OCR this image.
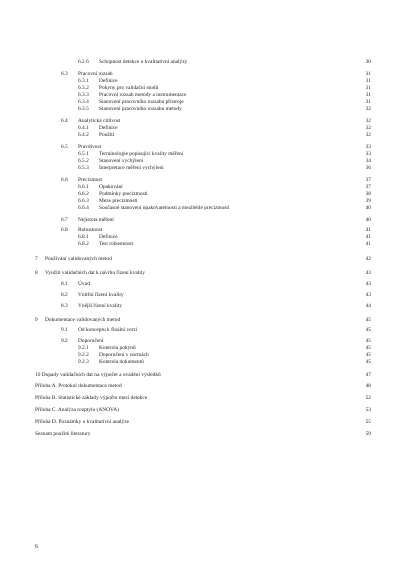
6.2.6 Schopnost detekce u kvalitativní analýzy	30
6.3 Pracovní rozsah	31
6.3.1 Definice	31
6.3.2 Pokyny pro validační studii	31
6.3.3 Pracovní rozsah metody a instrumentace	31
6.3.4 Stanovení pracovního rozsahu přístroje	31
6.3.5 Stanovení pracovního rozsahu metody	32
6.4 Analytická citlivost	32
6.4.1 Definice	32
6.4.2 Použití	32
6.5 Pravdivost	33
6.5.1 Terminologie popisující kvality měření	33
6.5.2 Stanovení vychýlení	34
6.5.3 Interpretace měření vychýlení	36
6.6 Precizmost	37
6.6.1 Opakování	37
6.6.2 Podmínky precizmosti	38
6.6.3 Meze precizmosti	39
6.6.4 Současné stanovení opakovatelnosti a mezilehlé precizmosti	40
6.7 Nejistota měření	40
6.8 Robustnost	41
6.8.1 Definice	41
6.8.2 Test robustnosti	41
7 Používání validovaných metod	42
8 Využití validačních dat k návrhu řízení kvality	43
8.1 Úvod	43
8.2 Vnitřní řízení kvality	43
8.3 Vnější řízení kvality	44
9 Dokumentace validovaných metod	45
9.1 Od konceptu k finální verzi	45
9.2 Doporučení	45
9.2.1 Kontrola pokynů	45
9.2.2 Doporučení v normách	45
9.2.3 Kontrola dokumentů	45
10 Dopady validačních dat na výpočet a uvádění výsledků	47
Příloha A. Protokol dokumentace metod	48
Příloha B. Statistické základy výpočtu mezí detekce	52
Příloha C. Analýza rozptylu (ANOVA)	53
Příloha D. Poznámky o kvalitativní analýze	55
Seznam použité literatury	59
6
